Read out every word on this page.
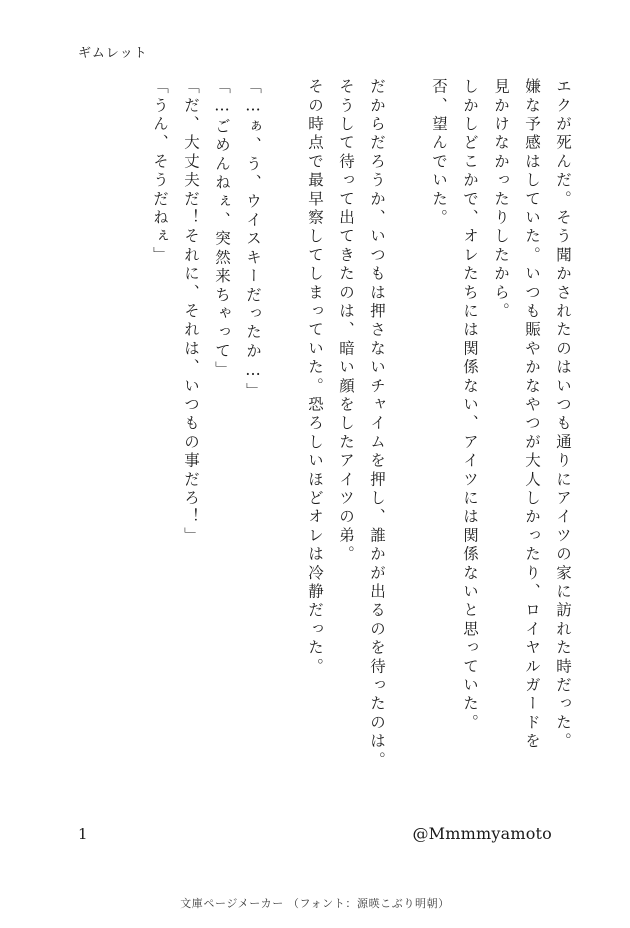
ギムレット
エクが死んだ。そう聞かされたのはいつも通りにアイツの家に訪れた時だった。
嫌な予感はしていた。いつも賑やかなやつが大人しかったり、ロイヤルガードを
見かけなかったりしたから。
しかしどこかで、オレたちには関係ない、アイツには関係ないと思っていた。
否、望んでいた。
だからだろうか、いつもは押さないチャイムを押し、誰かが出るのを待ったのは。
そうして待って出てきたのは、暗い顔をしたアイツの弟。
その時点で最早察してしまっていた。恐ろしいほどオレは冷静だった。
「…ぁ、う、ウイスキーだったか…」
「…ごめんねぇ、突然来ちゃって」
「だ、大丈夫だ！それに、それは、いつもの事だろ！」
「うん、そうだねぇ」
1	@Mmmmyamoto
文庫ページメーカー （フォント：源暎こぶり明朝）
